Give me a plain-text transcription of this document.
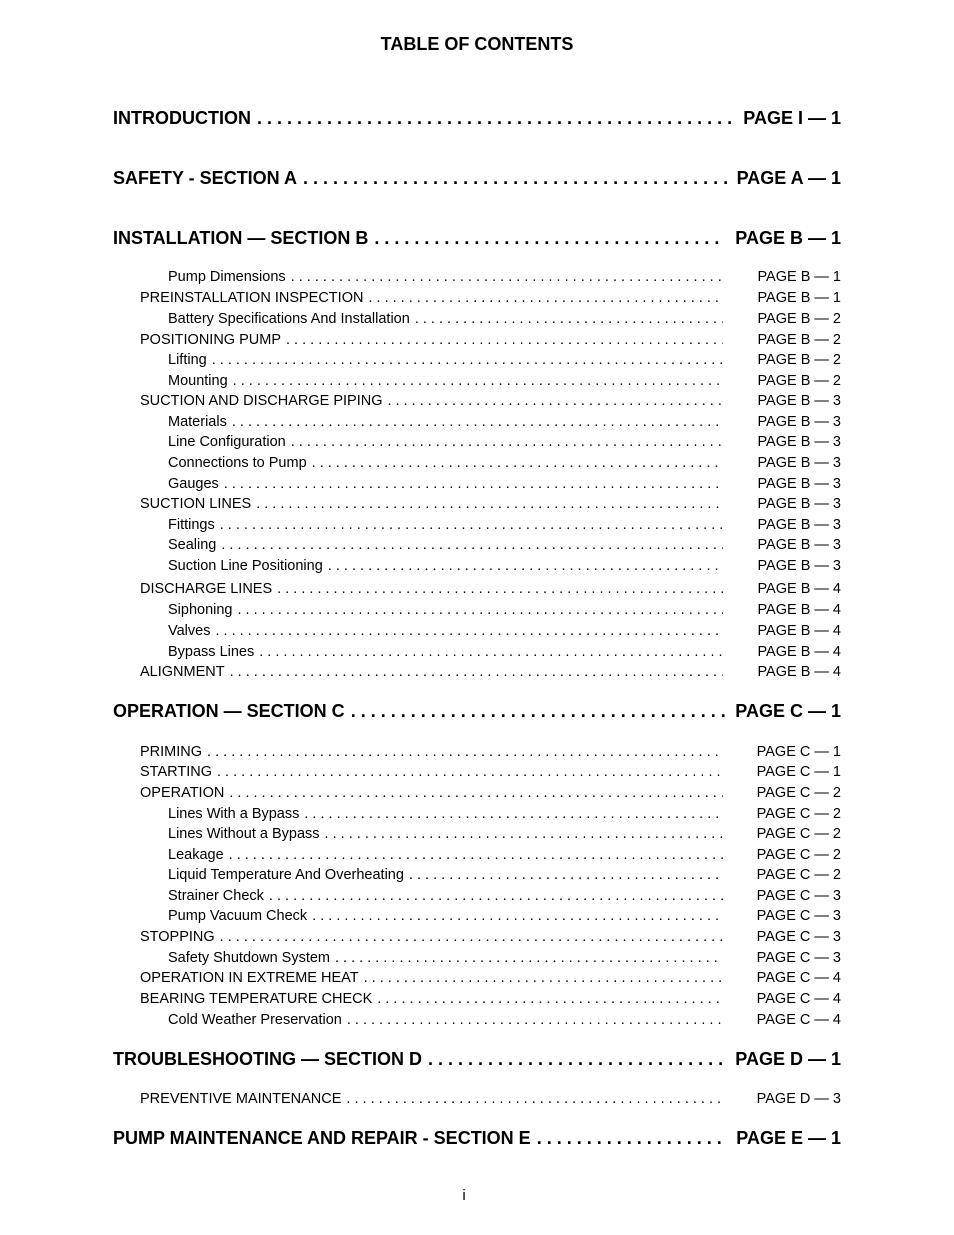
TABLE OF CONTENTS
INTRODUCTION . . .	PAGE I — 1
SAFETY - SECTION A . . .	PAGE A — 1
INSTALLATION — SECTION B . . .	PAGE B — 1
Pump Dimensions . . .	PAGE B — 1
PREINSTALLATION INSPECTION . . .	PAGE B — 1
Battery Specifications And Installation . . .	PAGE B — 2
POSITIONING PUMP . . .	PAGE B — 2
Lifting . . .	PAGE B — 2
Mounting . . .	PAGE B — 2
SUCTION AND DISCHARGE PIPING . . .	PAGE B — 3
Materials . . .	PAGE B — 3
Line Configuration . . .	PAGE B — 3
Connections to Pump . . .	PAGE B — 3
Gauges . . .	PAGE B — 3
SUCTION LINES . . .	PAGE B — 3
Fittings . . .	PAGE B — 3
Sealing . . .	PAGE B — 3
Suction Line Positioning . . .	PAGE B — 3
DISCHARGE LINES . . .	PAGE B — 4
Siphoning . . .	PAGE B — 4
Valves . . .	PAGE B — 4
Bypass Lines . . .	PAGE B — 4
ALIGNMENT . . .	PAGE B — 4
OPERATION — SECTION C . . .	PAGE C — 1
PRIMING . . .	PAGE C — 1
STARTING . . .	PAGE C — 1
OPERATION . . .	PAGE C — 2
Lines With a Bypass . . .	PAGE C — 2
Lines Without a Bypass . . .	PAGE C — 2
Leakage . . .	PAGE C — 2
Liquid Temperature And Overheating . . .	PAGE C — 2
Strainer Check . . .	PAGE C — 3
Pump Vacuum Check . . .	PAGE C — 3
STOPPING . . .	PAGE C — 3
Safety Shutdown System . . .	PAGE C — 3
OPERATION IN EXTREME HEAT . . .	PAGE C — 4
BEARING TEMPERATURE CHECK . . .	PAGE C — 4
Cold Weather Preservation . . .	PAGE C — 4
TROUBLESHOOTING — SECTION D . . .	PAGE D — 1
PREVENTIVE MAINTENANCE . . .	PAGE D — 3
PUMP MAINTENANCE AND REPAIR - SECTION E . . .	PAGE E — 1
i
